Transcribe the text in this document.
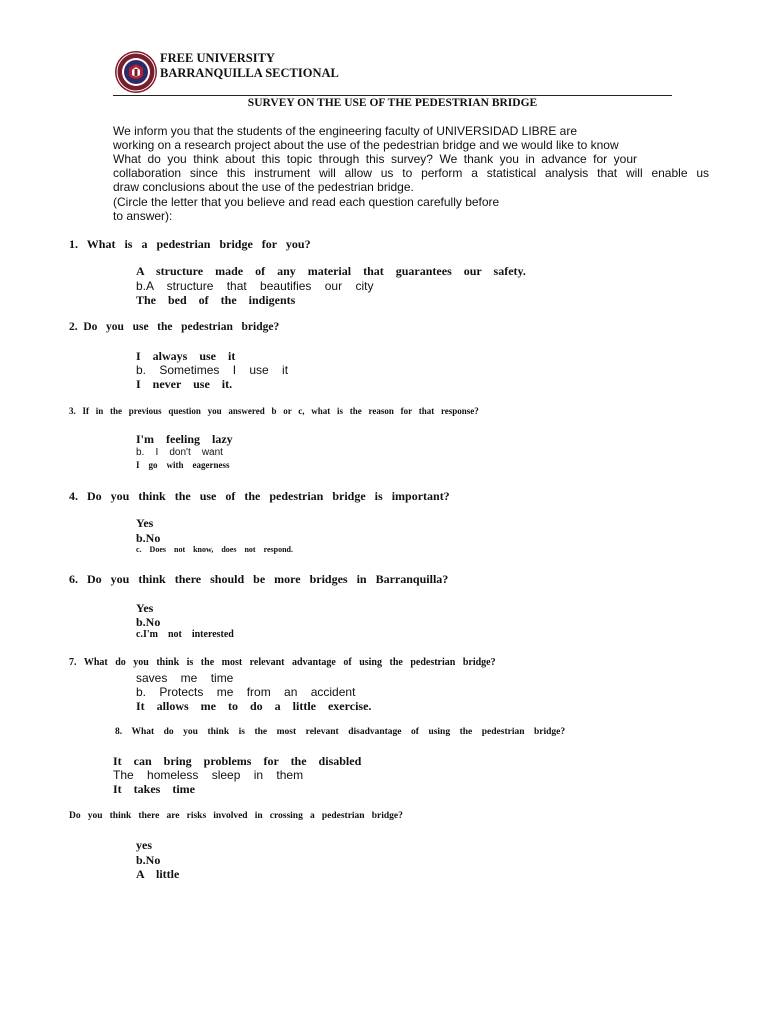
FREE UNIVERSITY
BARRANQUILLA SECTIONAL
SURVEY ON THE USE OF THE PEDESTRIAN BRIDGE
We inform you that the students of the engineering faculty of UNIVERSIDAD LIBRE are
working on a research project about the use of the pedestrian bridge and we would like to know
What do you think about this topic through this survey? We thank you in advance for your
collaboration since this instrument will allow us to perform a statistical analysis that will enable us
draw conclusions about the use of the pedestrian bridge.
(Circle the letter that you believe and read each question carefully before
to answer):
1.   What   is   a   pedestrian   bridge   for   you?
A    structure    made    of    any    material    that    guarantees    our    safety.
b.A    structure    that    beautifies    our    city
The    bed    of    the    indigents
2.  Do   you   use   the   pedestrian   bridge?
I    always    use    it
b.    Sometimes    I    use    it
I    never    use    it.
3.   If   in   the   previous   question   you   answered   b   or   c,   what   is   the   reason   for   that   response?
I'm    feeling    lazy
b.    I    don't    want
I    go    with    eagerness
4.   Do   you   think   the   use   of   the   pedestrian   bridge   is   important?
Yes
b.No
c.    Does    not    know,    does    not    respond.
6.   Do   you   think   there   should   be   more   bridges   in   Barranquilla?
Yes
b.No
c.I'm    not    interested
7.   What   do   you   think   is   the   most   relevant   advantage   of   using   the   pedestrian   bridge?
saves    me    time
b.    Protects    me    from    an    accident
It    allows    me    to    do    a    little    exercise.
8.    What    do    you    think    is    the    most    relevant    disadvantage    of    using    the    pedestrian    bridge?
It    can    bring    problems    for    the    disabled
The    homeless    sleep    in    them
It    takes    time
Do   you   think   there   are   risks   involved   in   crossing   a   pedestrian   bridge?
yes
b.No
A    little
